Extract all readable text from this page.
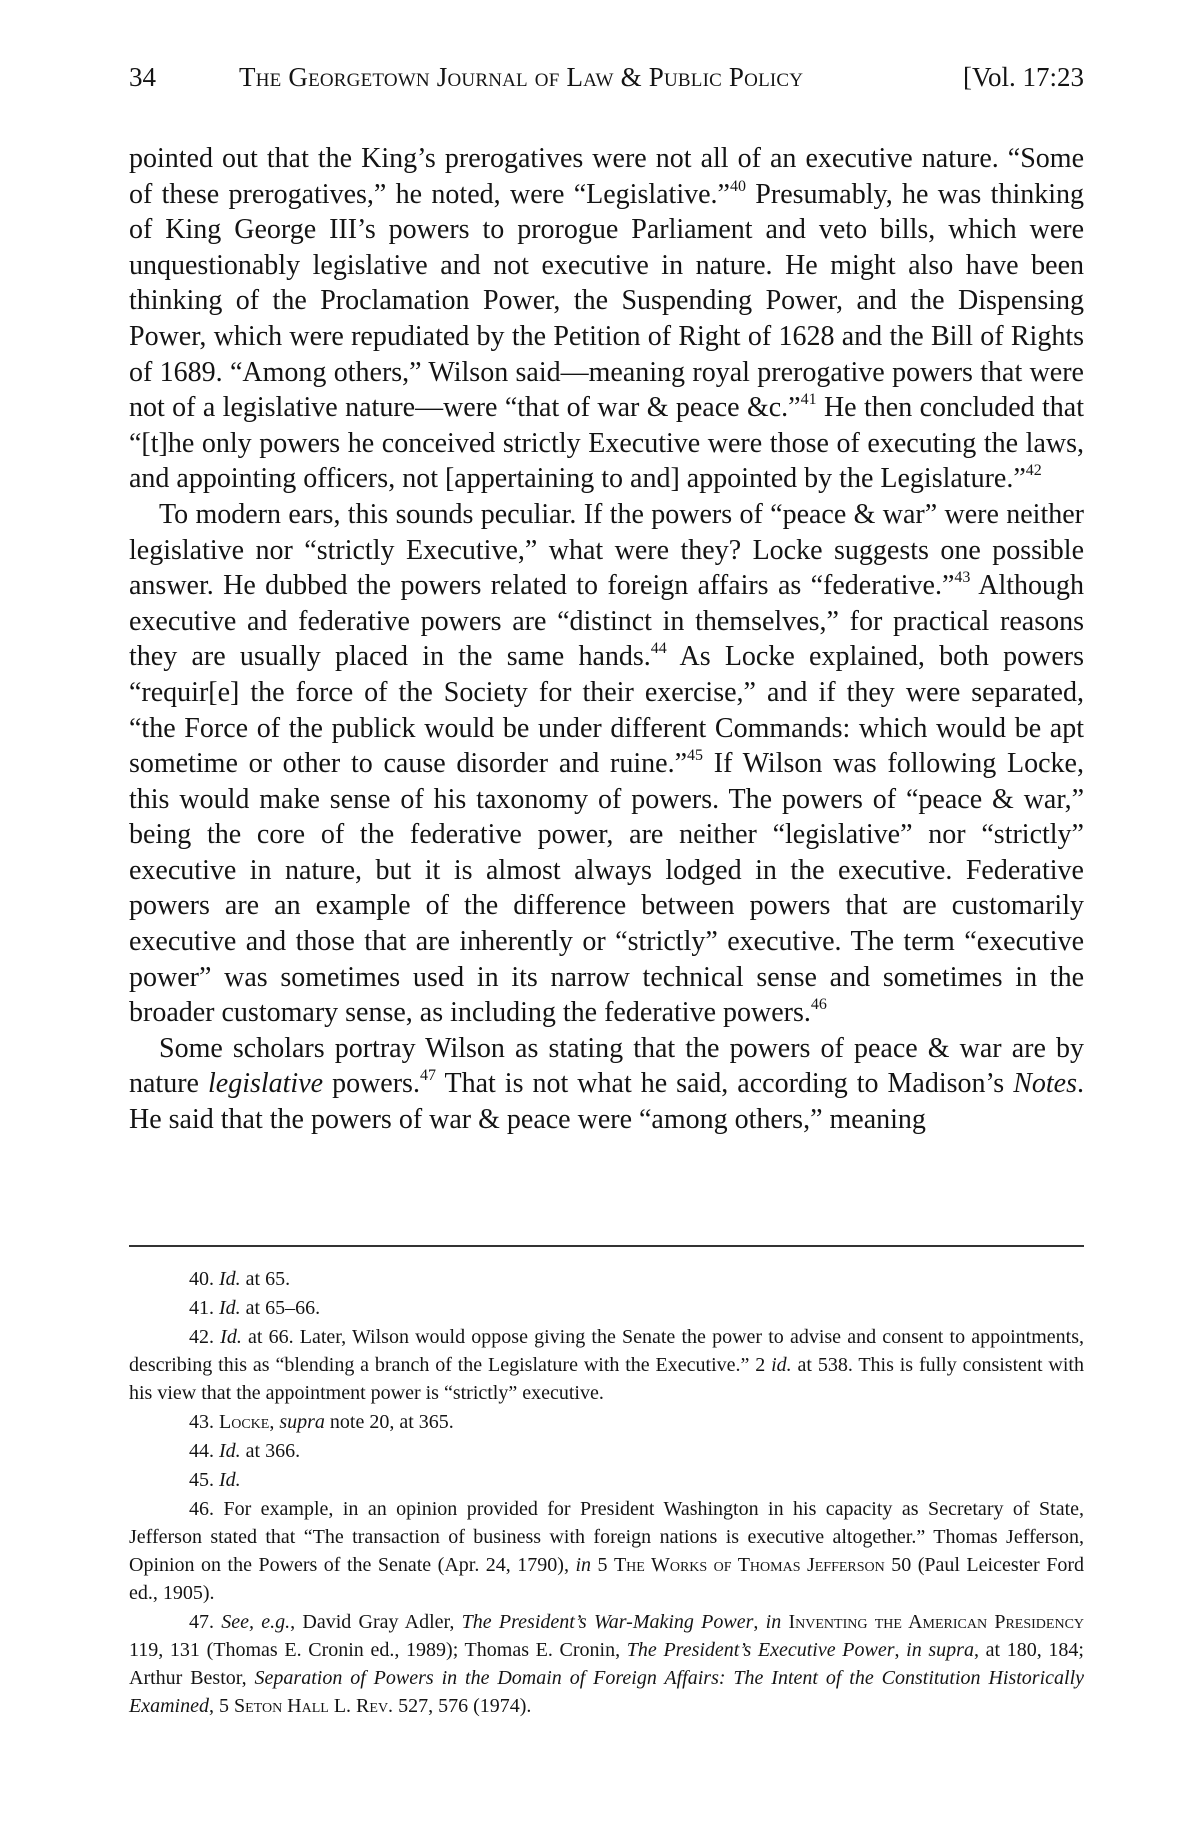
34	The Georgetown Journal of Law & Public Policy	[Vol. 17:23

pointed out that the King’s prerogatives were not all of an executive nature. “Some of these prerogatives,” he noted, were “Legislative.”$^{40}$ Presumably, he was thinking of King George III’s powers to prorogue Parliament and veto bills, which were unquestionably legislative and not executive in nature. He might also have been thinking of the Proclamation Power, the Suspending Power, and the Dispensing Power, which were repudiated by the Petition of Right of 1628 and the Bill of Rights of 1689. “Among others,” Wilson said—meaning royal prerogative powers that were not of a legislative nature—were “that of war & peace &c.”$^{41}$ He then concluded that “[t]he only powers he conceived strictly Executive were those of executing the laws, and appointing officers, not [appertaining to and] appointed by the Legislature.”$^{42}$

To modern ears, this sounds peculiar. If the powers of “peace & war” were neither legislative nor “strictly Executive,” what were they? Locke suggests one possible answer. He dubbed the powers related to foreign affairs as “federative.”$^{43}$ Although executive and federative powers are “distinct in themselves,” for practical reasons they are usually placed in the same hands.$^{44}$ As Locke explained, both powers “requir[e] the force of the Society for their exercise,” and if they were separated, “the Force of the publick would be under different Commands: which would be apt sometime or other to cause disorder and ruine.”$^{45}$ If Wilson was following Locke, this would make sense of his taxonomy of powers. The powers of “peace & war,” being the core of the federative power, are neither “legislative” nor “strictly” executive in nature, but it is almost always lodged in the executive. Federative powers are an example of the difference between powers that are customarily executive and those that are inherently or “strictly” executive. The term “executive power” was sometimes used in its narrow technical sense and sometimes in the broader customary sense, as including the federative powers.$^{46}$

Some scholars portray Wilson as stating that the powers of peace & war are by nature legislative powers.$^{47}$ That is not what he said, according to Madison’s Notes. He said that the powers of war & peace were “among others,” meaning

40. Id. at 65.

41. Id. at 65–66.

42. Id. at 66. Later, Wilson would oppose giving the Senate the power to advise and consent to appointments, describing this as “blending a branch of the Legislature with the Executive.” 2 id. at 538. This is fully consistent with his view that the appointment power is “strictly” executive.

43. Locke, supra note 20, at 365.

44. Id. at 366.

45. Id.

46. For example, in an opinion provided for President Washington in his capacity as Secretary of State, Jefferson stated that “The transaction of business with foreign nations is executive altogether.” Thomas Jefferson, Opinion on the Powers of the Senate (Apr. 24, 1790), in 5 The Works of Thomas Jefferson 50 (Paul Leicester Ford ed., 1905).

47. See, e.g., David Gray Adler, The President’s War-Making Power, in Inventing the American Presidency 119, 131 (Thomas E. Cronin ed., 1989); Thomas E. Cronin, The President’s Executive Power, in supra, at 180, 184; Arthur Bestor, Separation of Powers in the Domain of Foreign Affairs: The Intent of the Constitution Historically Examined, 5 Seton Hall L. Rev. 527, 576 (1974).
